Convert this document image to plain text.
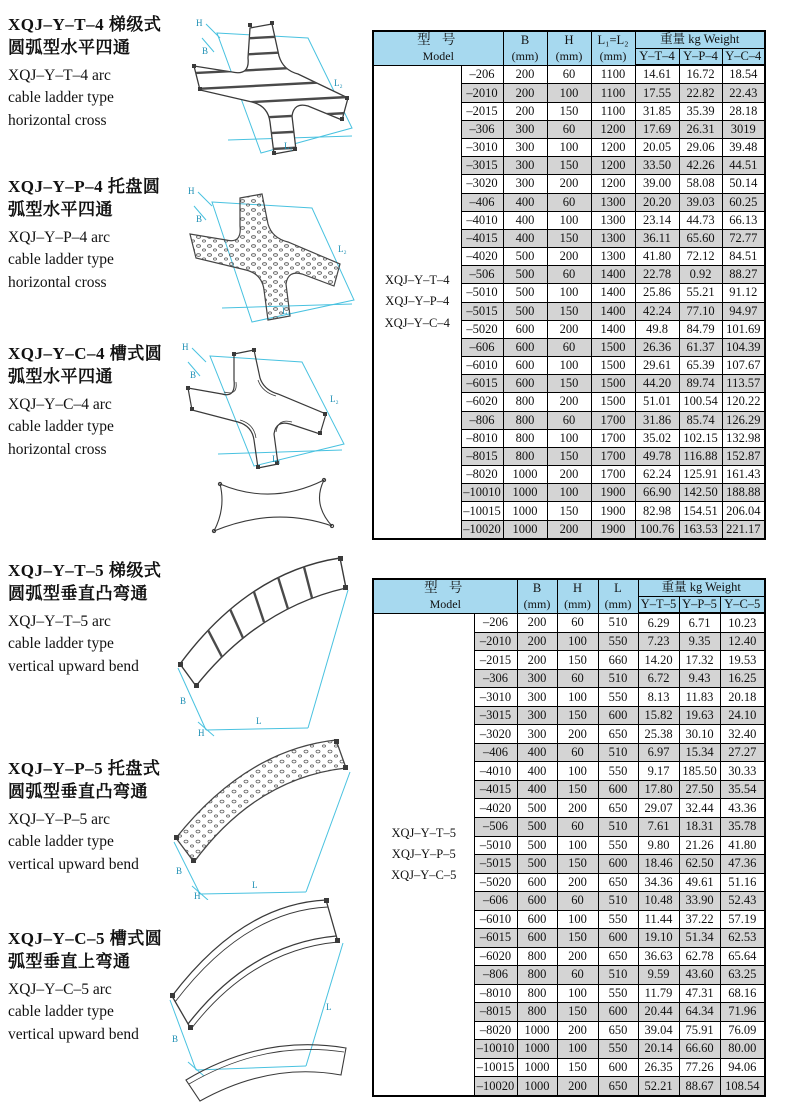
XQJ–Y–T–4 梯级式
圆弧型水平四通
XQJ–Y–T–4 arc
cable ladder type
horizontal cross
XQJ–Y–P–4 托盘圆
弧型水平四通
XQJ–Y–P–4 arc
cable ladder type
horizontal cross
XQJ–Y–C–4 槽式圆
弧型水平四通
XQJ–Y–C–4 arc
cable ladder type
horizontal cross
XQJ–Y–T–5 梯级式
圆弧型垂直凸弯通
XQJ–Y–T–5 arc
cable ladder type
vertical upward bend
XQJ–Y–P–5 托盘式
圆弧型垂直凸弯通
XQJ–Y–P–5 arc
cable ladder type
vertical upward bend
XQJ–Y–C–5 槽式圆
弧型垂直上弯通
XQJ–Y–C–5 arc
cable ladder type
vertical upward bend
H
B
L₁
L₂
H
B
L₁
L₂
H
B
L₁
L₂
B
L
H
B
L
H
B
L
型 号
Model

B
(mm)

H
(mm)

L₁=L₂
(mm)
	重量 kg Weight
					Y–T–4	Y–P–4	Y–C–4

XQJ–Y–T–4
XQJ–Y–P–4
XQJ–Y–C–4	–206	200	60	1100	14.61	16.72	18.54
	–2010	200	100	1100	17.55	22.82	22.43
	–2015	200	150	1100	31.85	35.39	28.18
	–306	300	60	1200	17.69	26.31	3019
	–3010	300	100	1200	20.05	29.06	39.48
	–3015	300	150	1200	33.50	42.26	44.51
	–3020	300	200	1200	39.00	58.08	50.14
	–406	400	60	1300	20.20	39.03	60.25
	–4010	400	100	1300	23.14	44.73	66.13
	–4015	400	150	1300	36.11	65.60	72.77
	–4020	500	200	1300	41.80	72.12	84.51
	–506	500	60	1400	22.78	0.92	88.27
	–5010	500	100	1400	25.86	55.21	91.12
	–5015	500	150	1400	42.24	77.10	94.97
	–5020	600	200	1400	49.8	84.79	101.69
	–606	600	60	1500	26.36	61.37	104.39
	–6010	600	100	1500	29.61	65.39	107.67
	–6015	600	150	1500	44.20	89.74	113.57
	–6020	800	200	1500	51.01	100.54	120.22
	–806	800	60	1700	31.86	85.74	126.29
	–8010	800	100	1700	35.02	102.15	132.98
	–8015	800	150	1700	49.78	116.88	152.87
	–8020	1000	200	1700	62.24	125.91	161.43
	–10010	1000	100	1900	66.90	142.50	188.88
	–10015	1000	150	1900	82.98	154.51	206.04
	–10020	1000	200	1900	100.76	163.53	221.17
型 号
Model

B
(mm)

H
(mm)

L
(mm)
	重量 kg Weight
					Y–T–5	Y–P–5	Y–C–5

XQJ–Y–T–5
XQJ–Y–P–5
XQJ–Y–C–5	–206	200	60	510	6.29	6.71	10.23
	–2010	200	100	550	7.23	9.35	12.40
	–2015	200	150	660	14.20	17.32	19.53
	–306	300	60	510	6.72	9.43	16.25
	–3010	300	100	550	8.13	11.83	20.18
	–3015	300	150	600	15.82	19.63	24.10
	–3020	300	200	650	25.38	30.10	32.40
	–406	400	60	510	6.97	15.34	27.27
	–4010	400	100	550	9.17	185.50	30.33
	–4015	400	150	600	17.80	27.50	35.54
	–4020	500	200	650	29.07	32.44	43.36
	–506	500	60	510	7.61	18.31	35.78
	–5010	500	100	550	9.80	21.26	41.80
	–5015	500	150	600	18.46	62.50	47.36
	–5020	600	200	650	34.36	49.61	51.16
	–606	600	60	510	10.48	33.90	52.43
	–6010	600	100	550	11.44	37.22	57.19
	–6015	600	150	600	19.10	51.34	62.53
	–6020	800	200	650	36.63	62.78	65.64
	–806	800	60	510	9.59	43.60	63.25
	–8010	800	100	550	11.79	47.31	68.16
	–8015	800	150	600	20.44	64.34	71.96
	–8020	1000	200	650	39.04	75.91	76.09
	–10010	1000	100	550	20.14	66.60	80.00
	–10015	1000	150	600	26.35	77.26	94.06
	–10020	1000	200	650	52.21	88.67	108.54
